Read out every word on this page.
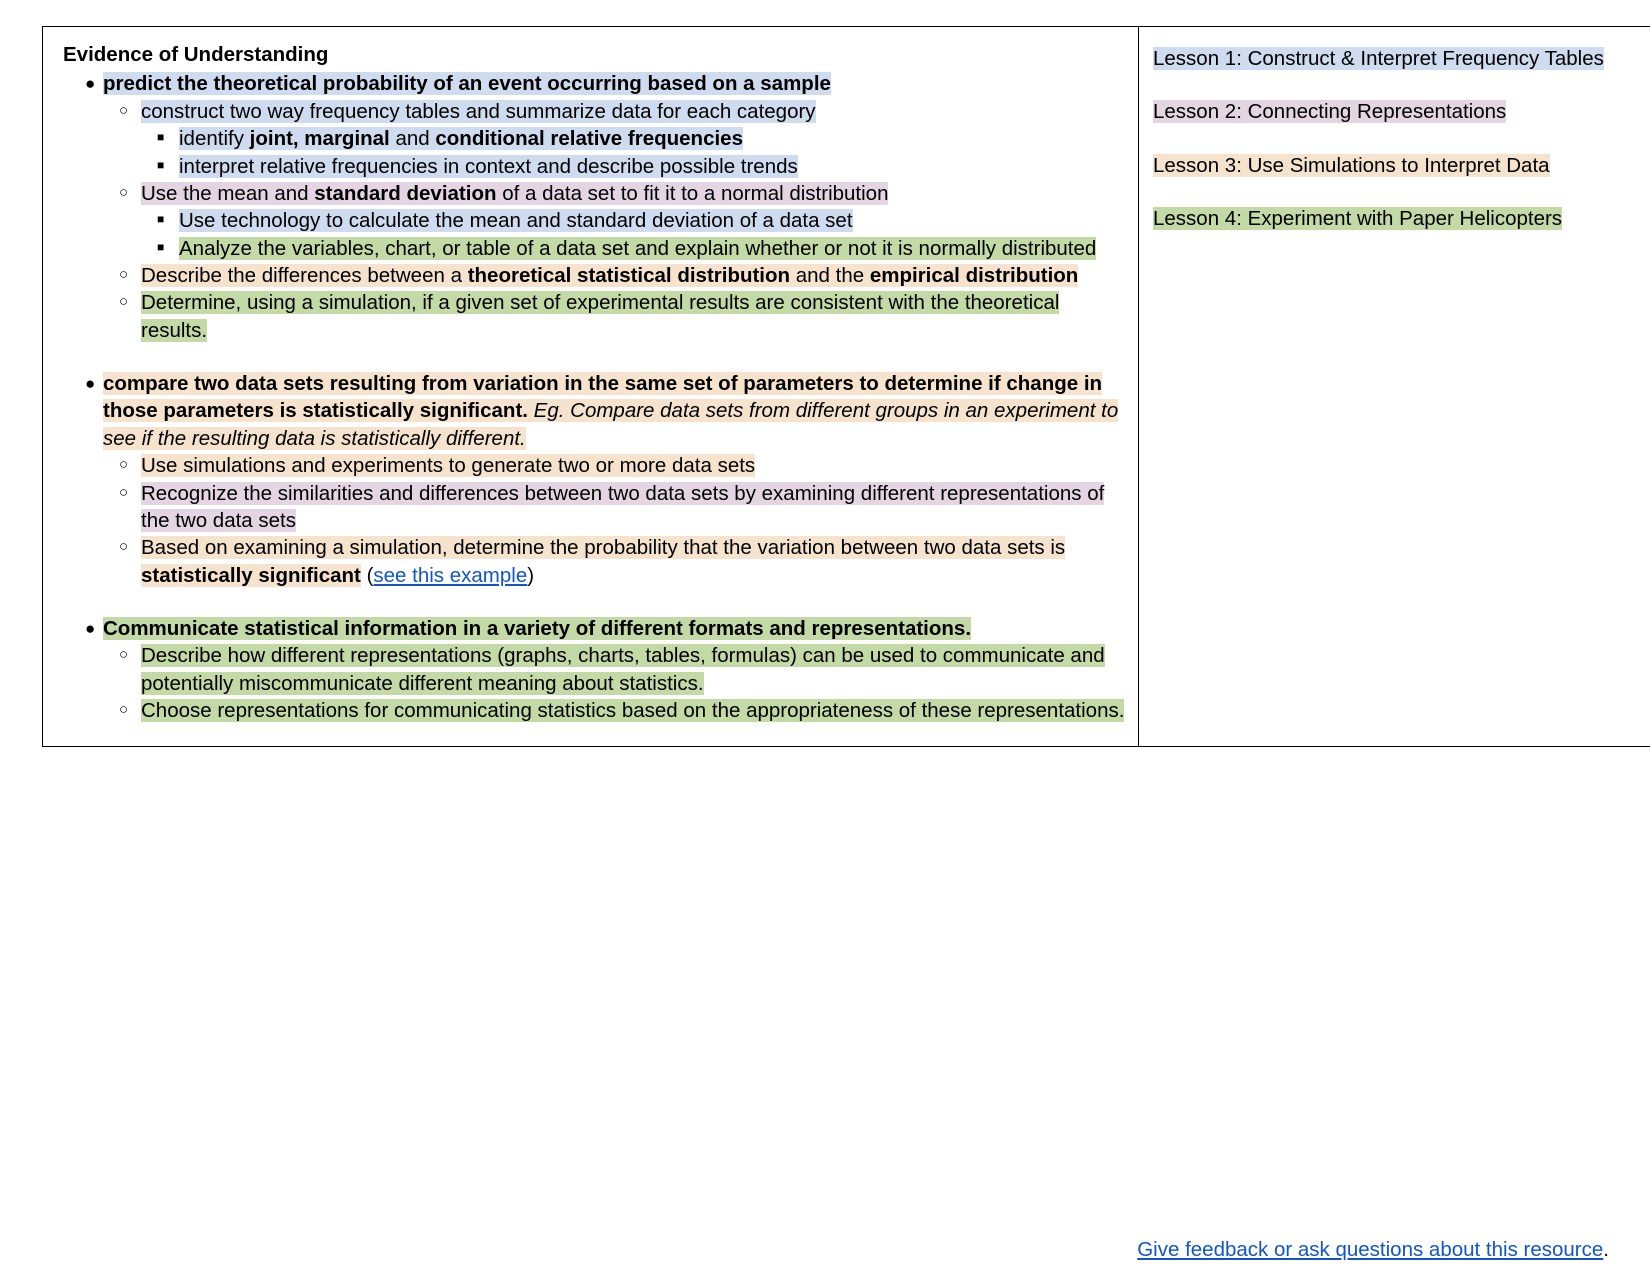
Evidence of Understanding
● predict the theoretical probability of an event occurring based on a sample
○ construct two way frequency tables and summarize data for each category
■ identify joint, marginal and conditional relative frequencies
■ interpret relative frequencies in context and describe possible trends
○ Use the mean and standard deviation of a data set to fit it to a normal distribution
■ Use technology to calculate the mean and standard deviation of a data set
■ Analyze the variables, chart, or table of a data set and explain whether or not it is normally distributed
○ Describe the differences between a theoretical statistical distribution and the empirical distribution
○ Determine, using a simulation, if a given set of experimental results are consistent with the theoretical results.
● compare two data sets resulting from variation in the same set of parameters to determine if change in those parameters is statistically significant. Eg. Compare data sets from different groups in an experiment to see if the resulting data is statistically different.
○ Use simulations and experiments to generate two or more data sets
○ Recognize the similarities and differences between two data sets by examining different representations of the two data sets
○ Based on examining a simulation, determine the probability that the variation between two data sets is statistically significant (see this example)
● Communicate statistical information in a variety of different formats and representations.
○ Describe how different representations (graphs, charts, tables, formulas) can be used to communicate and potentially miscommunicate different meaning about statistics.
○ Choose representations for communicating statistics based on the appropriateness of these representations.

Lesson 1: Construct & Interpret Frequency Tables
Lesson 2: Connecting Representations
Lesson 3: Use Simulations to Interpret Data
Lesson 4: Experiment with Paper Helicopters
Give feedback or ask questions about this resource.
